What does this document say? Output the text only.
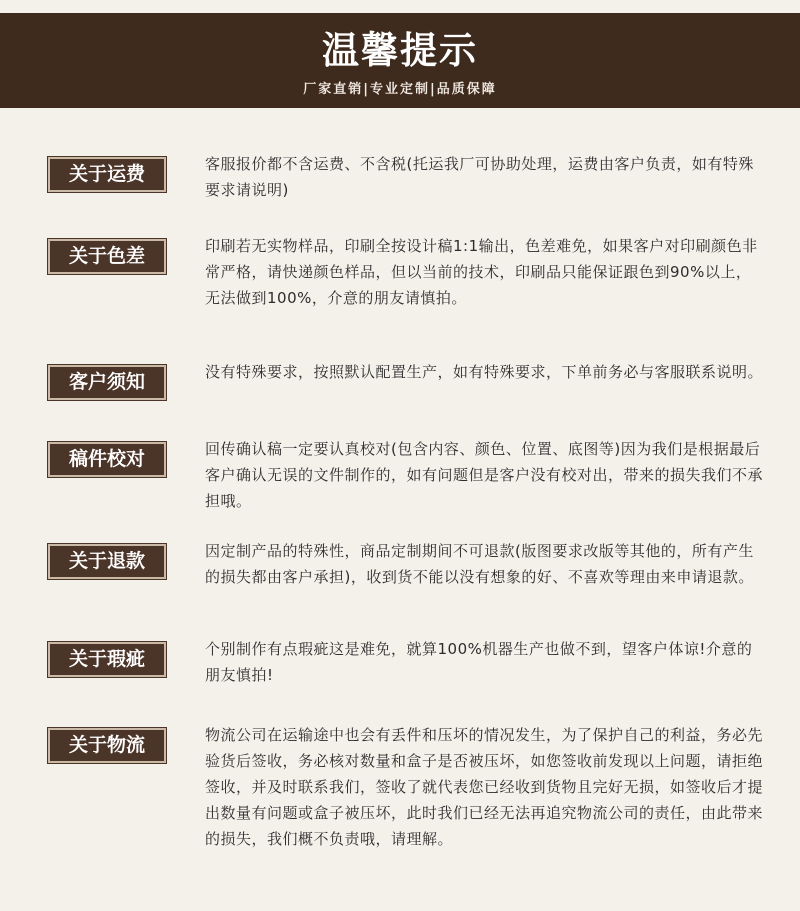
温馨提示
厂家直销|专业定制|品质保障
关于运费	客服报价都不含运费、不含税(托运我厂可协助处理，运费由客户负责，如有特殊要求请说明)
关于色差	印刷若无实物样品，印刷全按设计稿1:1输出，色差难免，如果客户对印刷颜色非常严格，请快递颜色样品，但以当前的技术，印刷品只能保证跟色到90%以上，无法做到100%，介意的朋友请慎拍。
客户须知	没有特殊要求，按照默认配置生产，如有特殊要求，下单前务必与客服联系说明。
稿件校对	回传确认稿一定要认真校对(包含内容、颜色、位置、底图等)因为我们是根据最后客户确认无误的文件制作的，如有问题但是客户没有校对出，带来的损失我们不承担哦。
关于退款	因定制产品的特殊性，商品定制期间不可退款(版图要求改版等其他的，所有产生的损失都由客户承担)，收到货不能以没有想象的好、不喜欢等理由来申请退款。
关于瑕疵	个别制作有点瑕疵这是难免，就算100%机器生产也做不到，望客户体谅!介意的朋友慎拍!
关于物流	物流公司在运输途中也会有丢件和压坏的情况发生，为了保护自己的利益，务必先验货后签收，务必核对数量和盒子是否被压坏，如您签收前发现以上问题，请拒绝签收，并及时联系我们，签收了就代表您已经收到货物且完好无损，如签收后才提出数量有问题或盒子被压坏，此时我们已经无法再追究物流公司的责任，由此带来的损失，我们概不负责哦，请理解。
